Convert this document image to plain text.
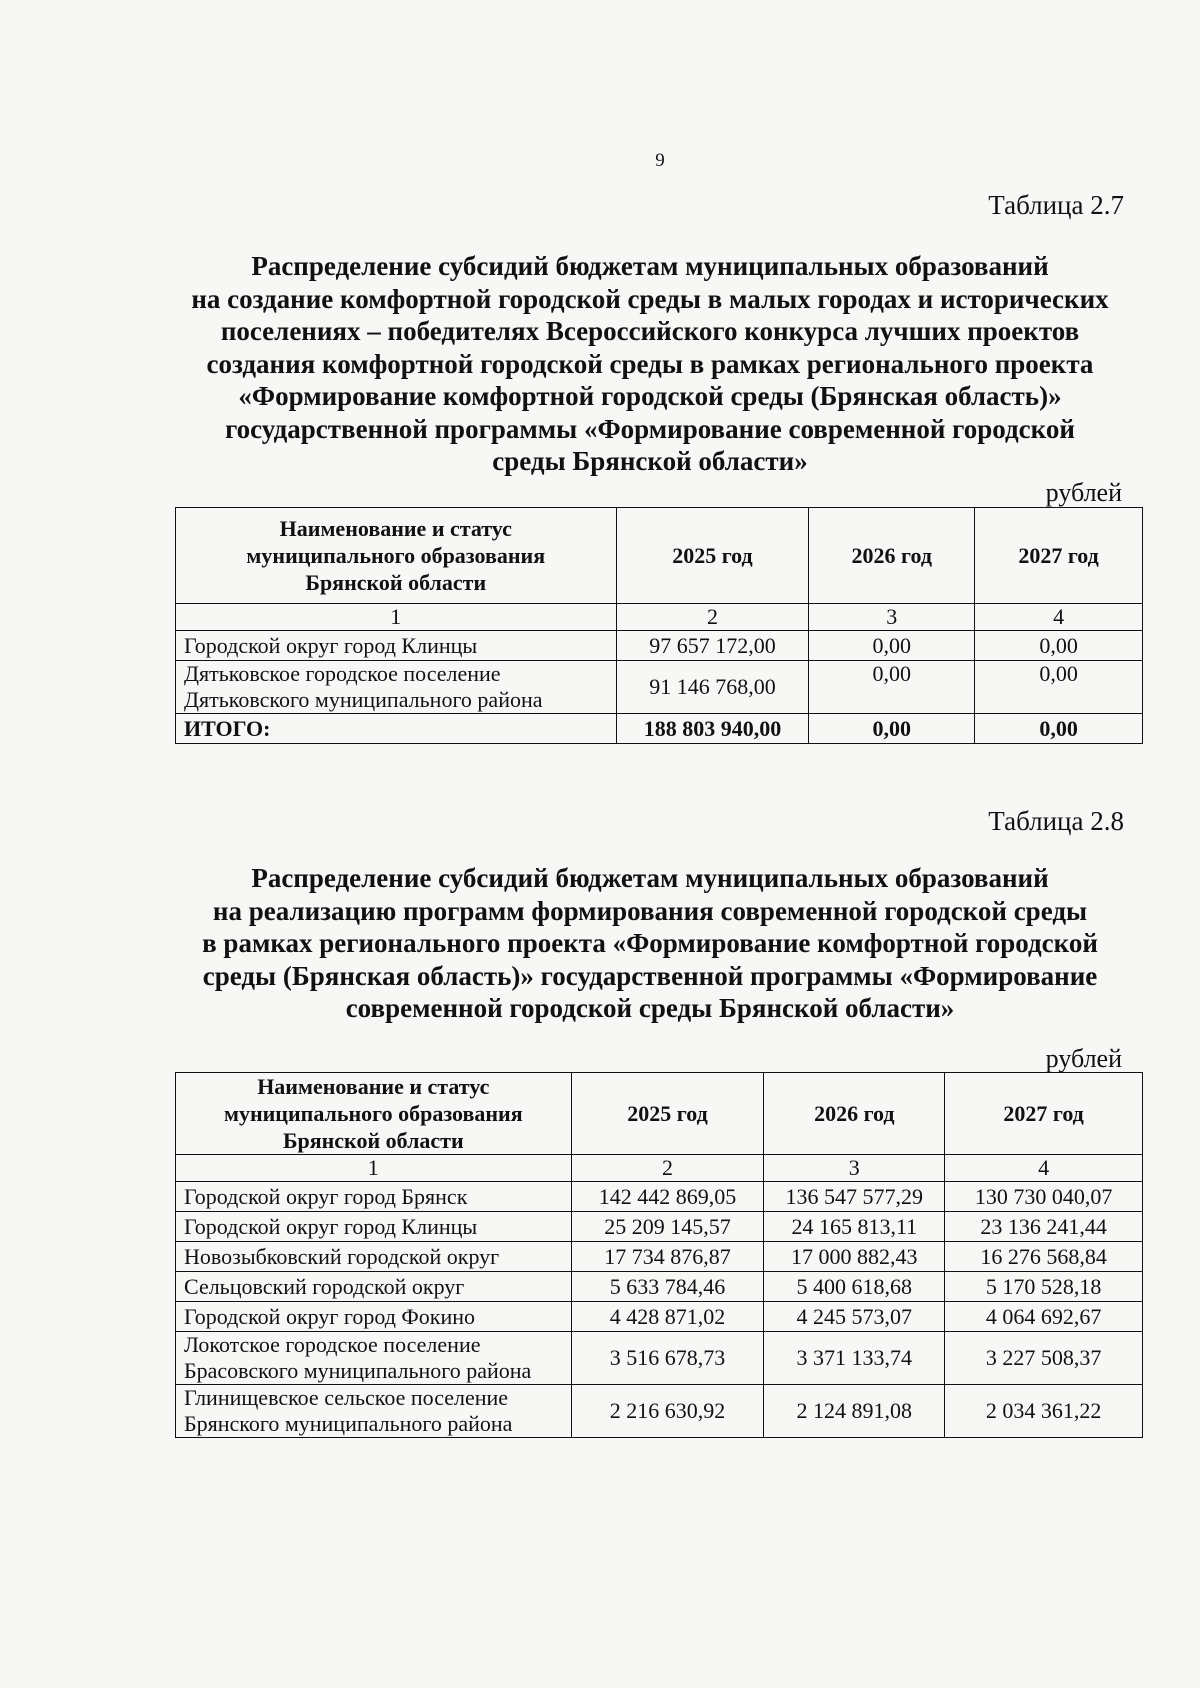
9
Таблица 2.7
Распределение субсидий бюджетам муниципальных образований
на создание комфортной городской среды в малых городах и исторических
поселениях – победителях Всероссийского конкурса лучших проектов
создания комфортной городской среды в рамках регионального проекта
«Формирование комфортной городской среды (Брянская область)»
государственной программы «Формирование современной городской
среды Брянской области»
рублей
Наименование и статус
муниципального образования
Брянской области	2025 год	2026 год	2027 год
1	2	3	4
Городской округ город Клинцы	97 657 172,00	0,00	0,00

Дятьковское городское поселение
Дятьковского муниципального района	91 146 768,00	0,00	0,00
ИТОГО:	188 803 940,00	0,00	0,00
Таблица 2.8
Распределение субсидий бюджетам муниципальных образований
на реализацию программ формирования современной городской среды
в рамках регионального проекта «Формирование комфортной городской
среды (Брянская область)» государственной программы «Формирование
современной городской среды Брянской области»
рублей
Наименование и статус
муниципального образования
Брянской области	2025 год	2026 год	2027 год
1	2	3	4
Городской округ город Брянск	142 442 869,05	136 547 577,29	130 730 040,07
Городской округ город Клинцы	25 209 145,57	24 165 813,11	23 136 241,44
Новозыбковский городской округ	17 734 876,87	17 000 882,43	16 276 568,84
Сельцовский городской округ	5 633 784,46	5 400 618,68	5 170 528,18
Городской округ город Фокино	4 428 871,02	4 245 573,07	4 064 692,67

Локотское городское поселение
Брасовского муниципального района	3 516 678,73	3 371 133,74	3 227 508,37

Глинищевское сельское поселение
Брянского муниципального района	2 216 630,92	2 124 891,08	2 034 361,22
